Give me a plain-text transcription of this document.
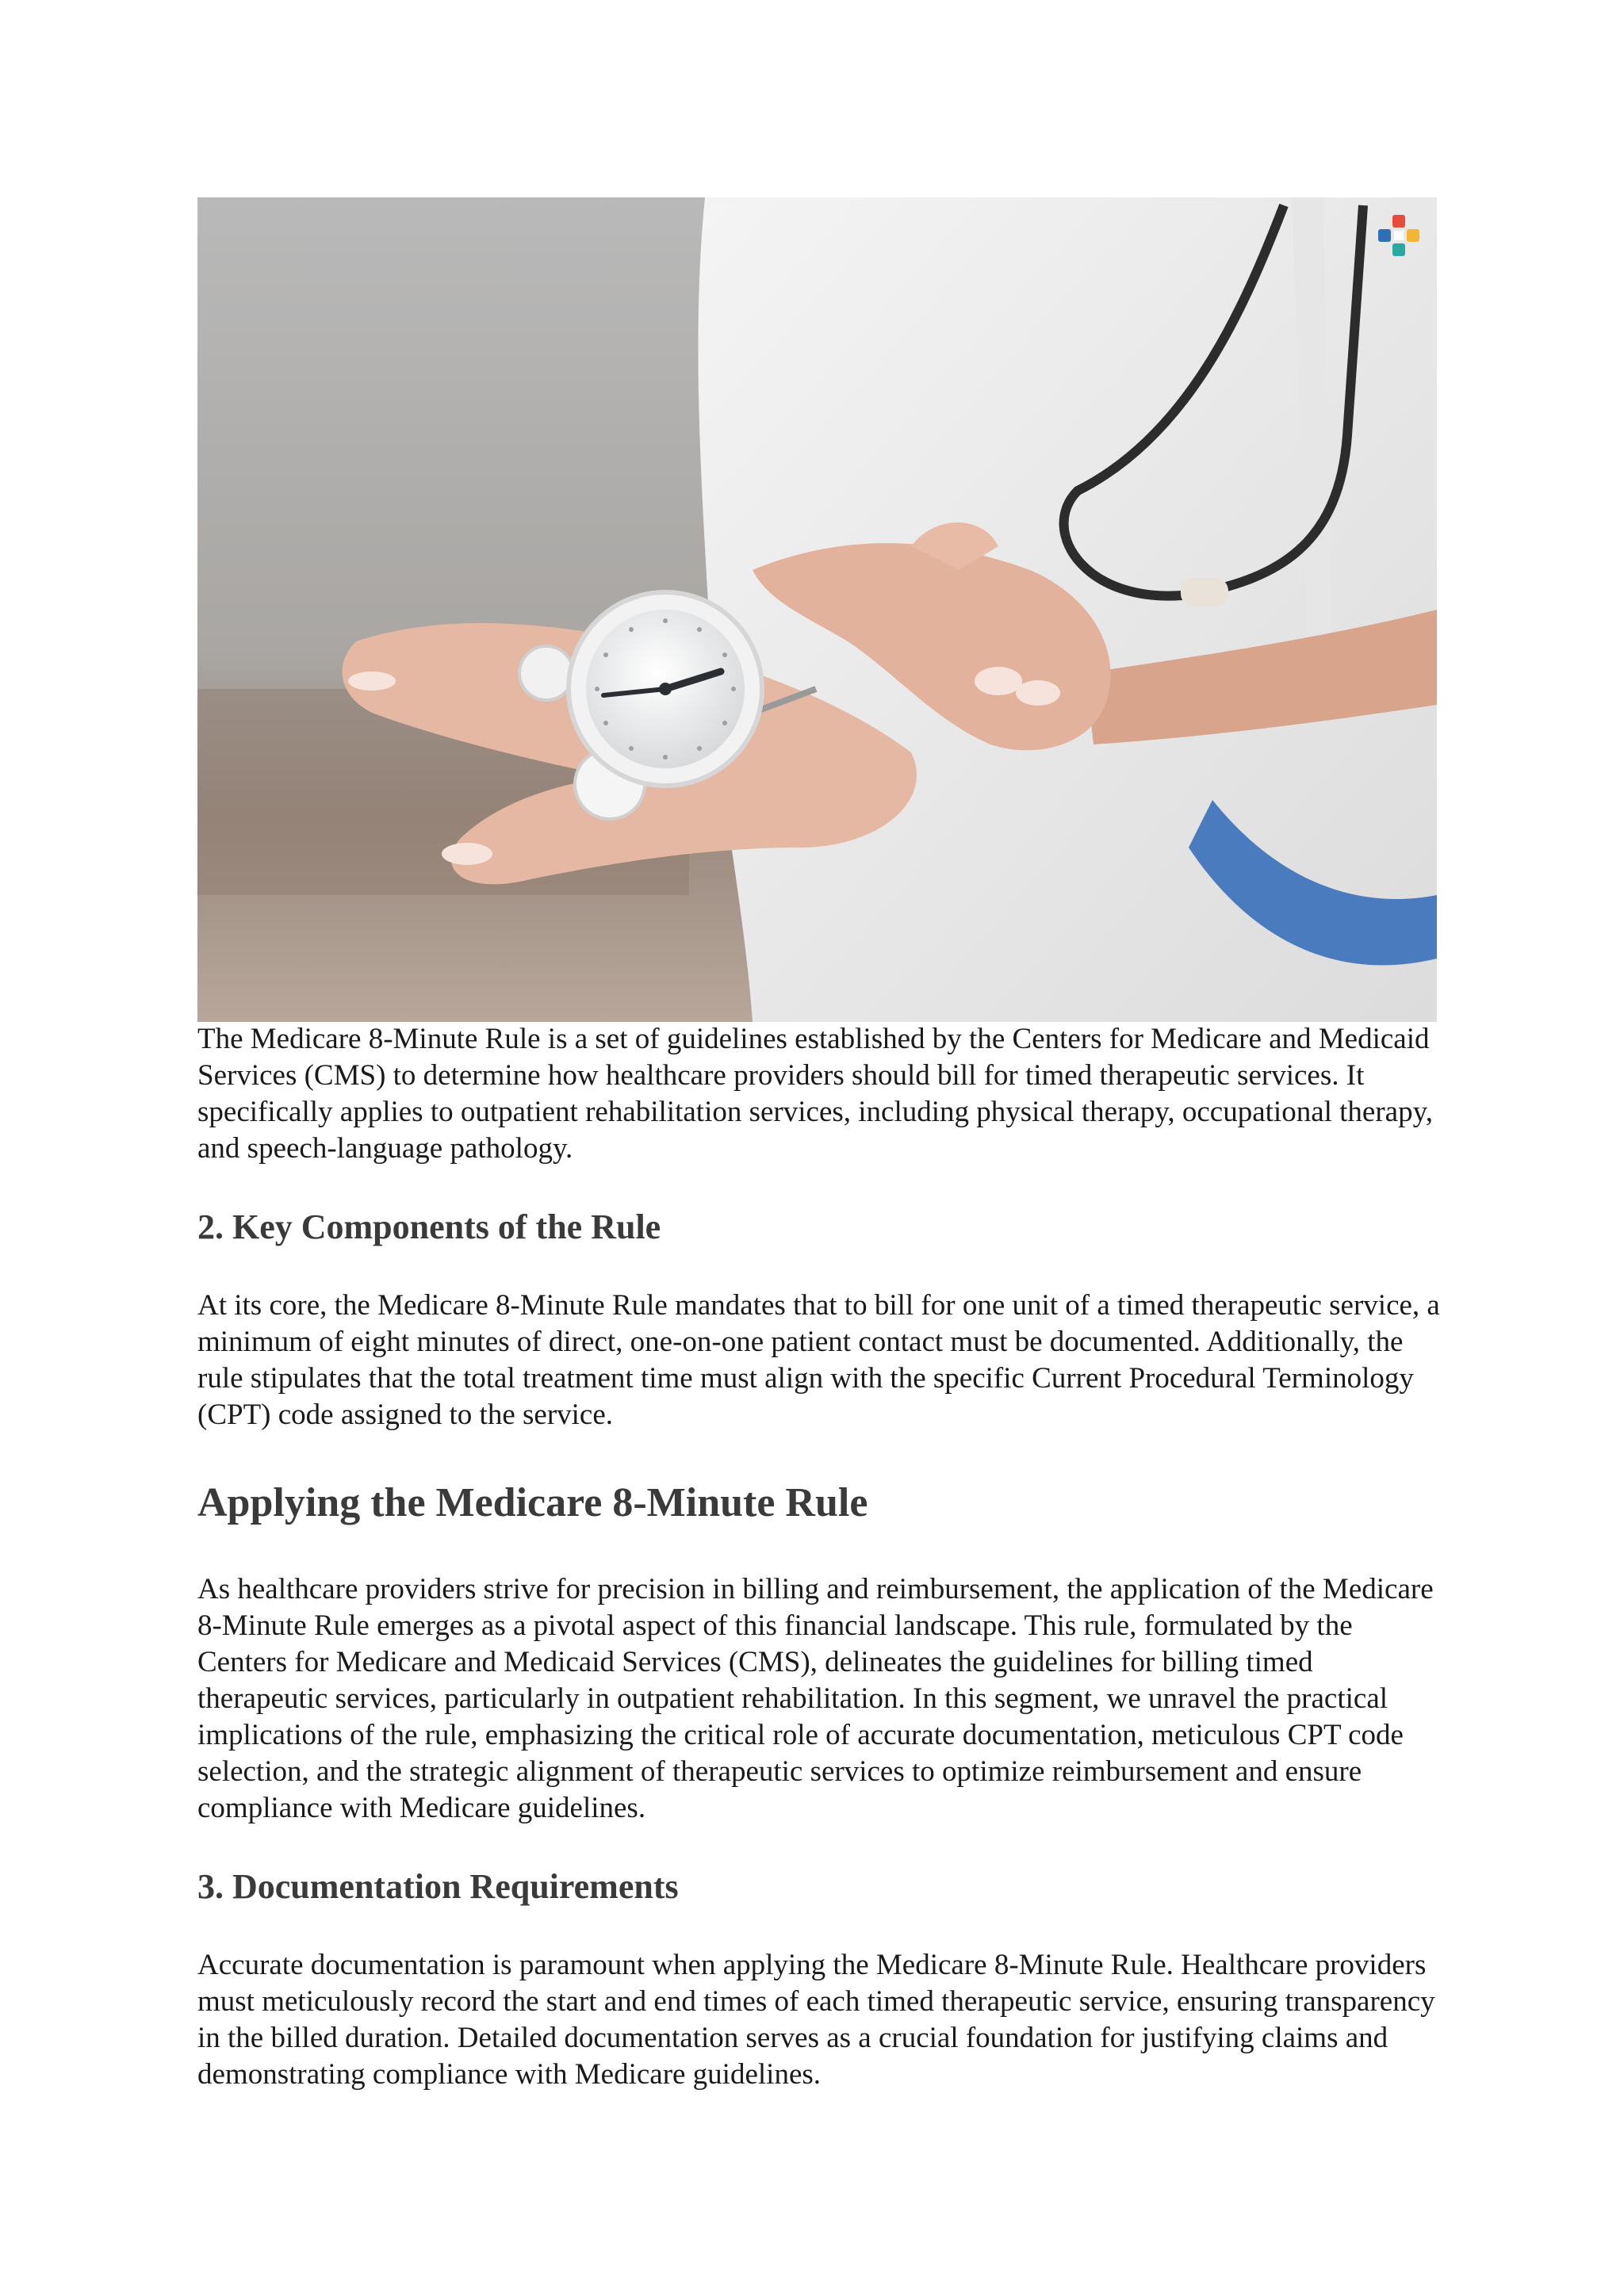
The Medicare 8-Minute Rule is a set of guidelines established by the Centers for Medicare and Medicaid Services (CMS) to determine how healthcare providers should bill for timed therapeutic services. It specifically applies to outpatient rehabilitation services, including physical therapy, occupational therapy, and speech-language pathology.

2. Key Components of the Rule

At its core, the Medicare 8-Minute Rule mandates that to bill for one unit of a timed therapeutic service, a minimum of eight minutes of direct, one-on-one patient contact must be documented. Additionally, the rule stipulates that the total treatment time must align with the specific Current Procedural Terminology (CPT) code assigned to the service.

Applying the Medicare 8-Minute Rule

As healthcare providers strive for precision in billing and reimbursement, the application of the Medicare 8-Minute Rule emerges as a pivotal aspect of this financial landscape. This rule, formulated by the Centers for Medicare and Medicaid Services (CMS), delineates the guidelines for billing timed therapeutic services, particularly in outpatient rehabilitation. In this segment, we unravel the practical implications of the rule, emphasizing the critical role of accurate documentation, meticulous CPT code selection, and the strategic alignment of therapeutic services to optimize reimbursement and ensure compliance with Medicare guidelines.

3. Documentation Requirements

Accurate documentation is paramount when applying the Medicare 8-Minute Rule. Healthcare providers must meticulously record the start and end times of each timed therapeutic service, ensuring transparency in the billed duration. Detailed documentation serves as a crucial foundation for justifying claims and demonstrating compliance with Medicare guidelines.
